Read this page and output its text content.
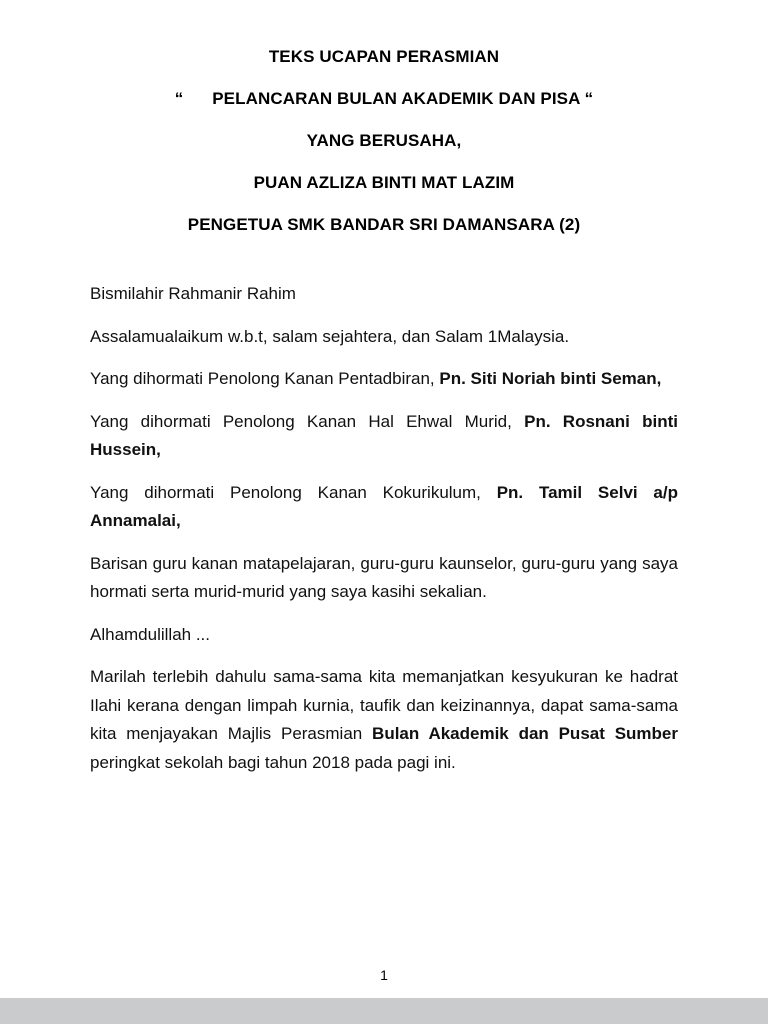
TEKS UCAPAN PERASMIAN

“      PELANCARAN BULAN AKADEMIK DAN PISA “

YANG BERUSAHA,

PUAN AZLIZA BINTI MAT LAZIM

PENGETUA SMK BANDAR SRI DAMANSARA (2)

Bismilahir Rahmanir Rahim

Assalamualaikum w.b.t, salam sejahtera, dan Salam 1Malaysia.

Yang dihormati Penolong Kanan Pentadbiran, Pn. Siti Noriah binti Seman,

Yang dihormati Penolong Kanan Hal Ehwal Murid, Pn. Rosnani binti Hussein,

Yang dihormati Penolong Kanan Kokurikulum, Pn. Tamil Selvi a/p Annamalai,

Barisan guru kanan matapelajaran, guru-guru kaunselor, guru-guru yang saya hormati serta murid-murid yang saya kasihi sekalian.

Alhamdulillah ...

Marilah terlebih dahulu sama-sama kita memanjatkan kesyukuran ke hadrat Ilahi kerana dengan limpah kurnia, taufik dan keizinannya, dapat sama-sama kita menjayakan Majlis Perasmian Bulan Akademik dan Pusat Sumber peringkat sekolah bagi tahun 2018 pada pagi ini.

1
